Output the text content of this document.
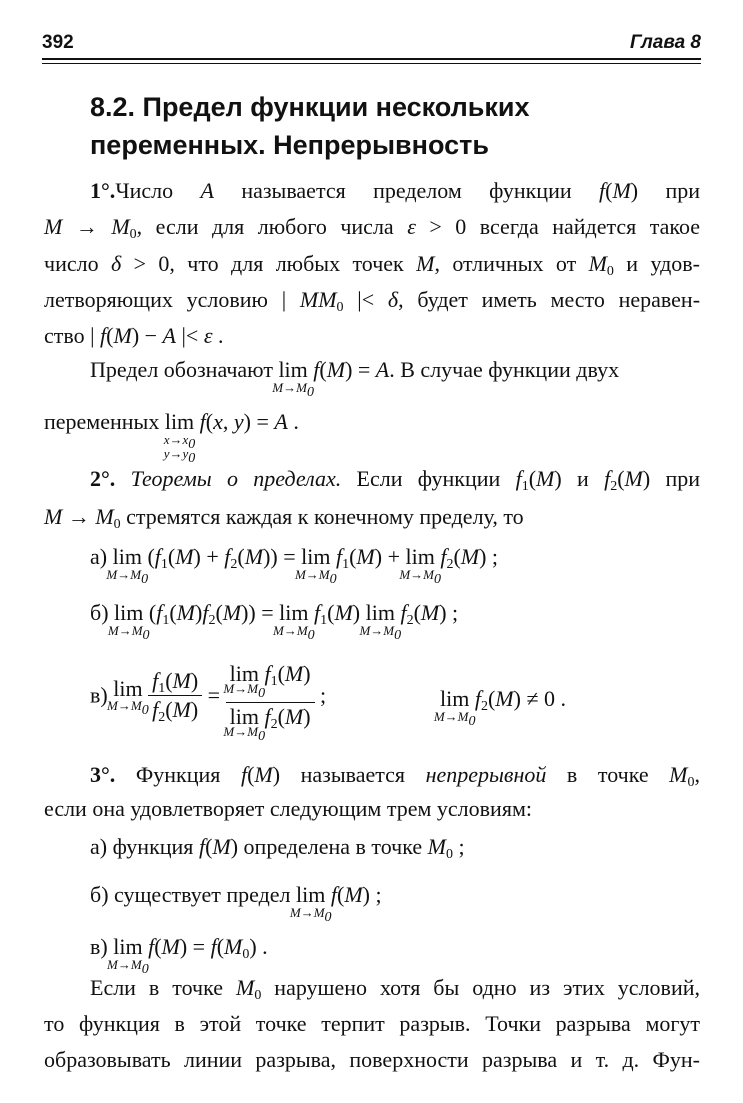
392	Глава 8
8.2. Предел функции нескольких
переменных. Непрерывность
1°.Число A называется пределом функции f(M) при
$M \to M_0$, если для любого числа ε > 0 всегда найдется такое
число δ > 0, что для любых точек M, отличных от $M_0$ и удов-
летворяющих условию | $MM_0$ |< δ, будет иметь место неравен-
ство | f(M) − A |< ε .
Предел обозначают lim
$M\to M_0$
f(M) = A. В случае функции двух
переменных lim
$x\to x_0$
$y\to y_0$
f(x, y) = A .
2°. Теоремы о пределах. Если функции $f_1(M)$ и $f_2(M)$ при
$M \to M_0$ стремятся каждая к конечному пределу, то
а) lim
$M\to M_0$
$(f_1(M) + f_2(M)) = \lim$
$M\to M_0$
$f_1(M) + \lim$
$M\to M_0$
$f_2(M)$ ;
б) lim
$M\to M_0$
$(f_1(M)f_2(M)) = \lim$
$M\to M_0$
$f_1(M)$ lim
$M\to M_0$
$f_2(M)$ ;
в) lim
$M\to M_0$
$\frac{f_1(M)}{f_2(M)} = \lim$
$M\to M_0$
$f_1(M)$
lim
$M\to M_0$
$f_2(M)$ ;	lim
$M\to M_0$
$f_2(M) \ne 0$ .
3°. Функция f(M) называется непрерывной в точке $M_0$,
если она удовлетворяет следующим трем условиям:
а) функция f(M) определена в точке $M_0$ ;
б) существует предел lim
$M\to M_0$
f(M) ;
в) lim
$M\to M_0$
$f(M) = f(M_0)$ .
Если в точке $M_0$ нарушено хотя бы одно из этих условий,
то функция в этой точке терпит разрыв. Точки разрыва могут
образовывать линии разрыва, поверхности разрыва и т. д. Фун-
